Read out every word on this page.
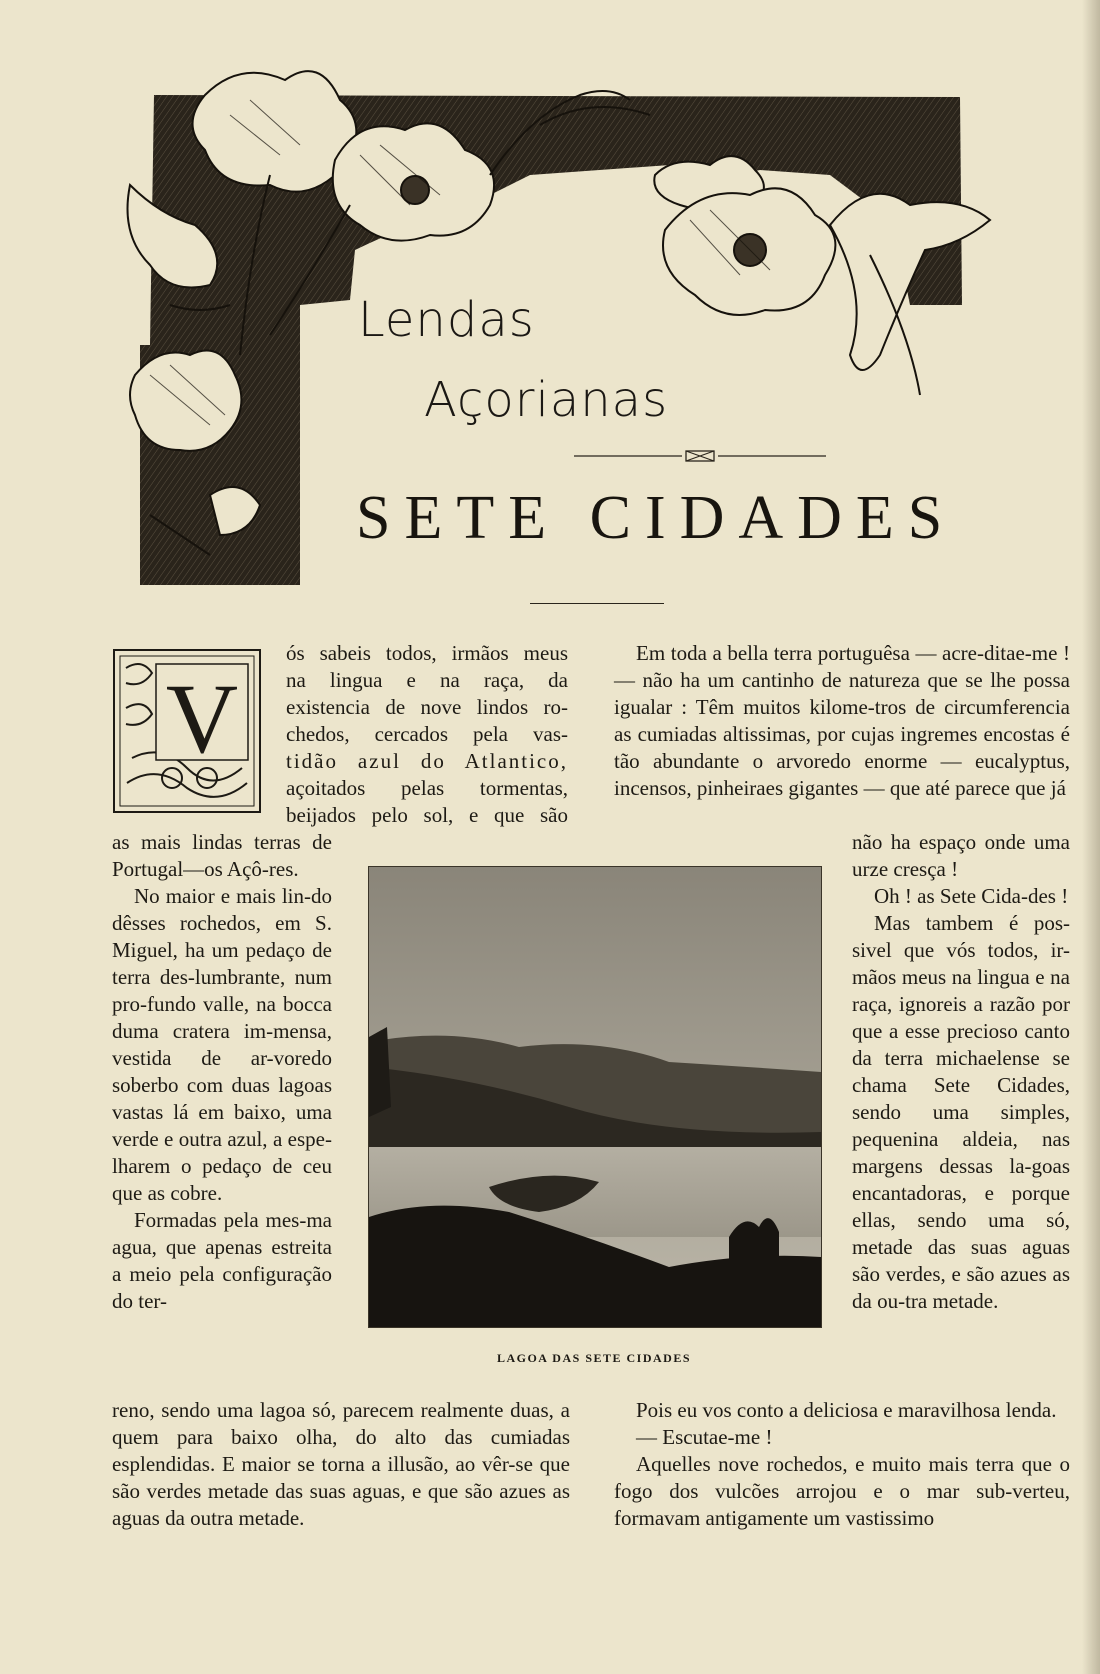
Lendas
Açorianas
SETE CIDADES
V

ós sabeis todos, irmãos meus

na lingua e na raça, da

existencia de nove lindos ro-

chedos, cercados pela vas-

tidão azul do Atlantico,

açoitados pelas tormentas,

beijados pelo sol, e que são

as mais lindas terras de Portugal—os Açô-res.

No maior e mais lin-do dêsses rochedos, em S. Miguel, ha um pedaço de terra des-lumbrante, num pro-fundo valle, na bocca duma cratera im-mensa, vestida de ar-voredo soberbo com duas lagoas vastas lá em baixo, uma verde e outra azul, a espe-lharem o pedaço de ceu que as cobre.

Formadas pela mes-ma agua, que apenas estreita a meio pela configuração do ter-

reno, sendo uma lagoa só, parecem realmente duas, a quem para baixo olha, do alto das cumiadas esplendidas. E maior se torna a illusão, ao vêr-se que são verdes metade das suas aguas, e que são azues as aguas da outra metade.

LAGOA DAS SETE CIDADES

Em toda a bella terra portuguêsa — acre-ditae-me ! — não ha um cantinho de natureza que se lhe possa igualar : Têm muitos kilome-tros de circumferencia as cumiadas altissimas, por cujas ingremes encostas é tão abundante o arvoredo enorme — eucalyptus, incensos, pinheiraes gigantes — que até parece que já

não ha espaço onde uma urze cresça !

Oh ! as Sete Cida-des !

Mas tambem é pos-sivel que vós todos, ir-mãos meus na lingua e na raça, ignoreis a razão por que a esse precioso canto da terra michaelense se chama Sete Cidades, sendo uma simples, pequenina aldeia, nas margens dessas la-goas encantadoras, e porque ellas, sendo uma só, metade das suas aguas são verdes, e são azues as da ou-tra metade.

Pois eu vos conto a deliciosa e maravilhosa lenda.

— Escutae-me !

Aquelles nove rochedos, e muito mais terra que o fogo dos vulcões arrojou e o mar sub-verteu, formavam antigamente um vastissimo
